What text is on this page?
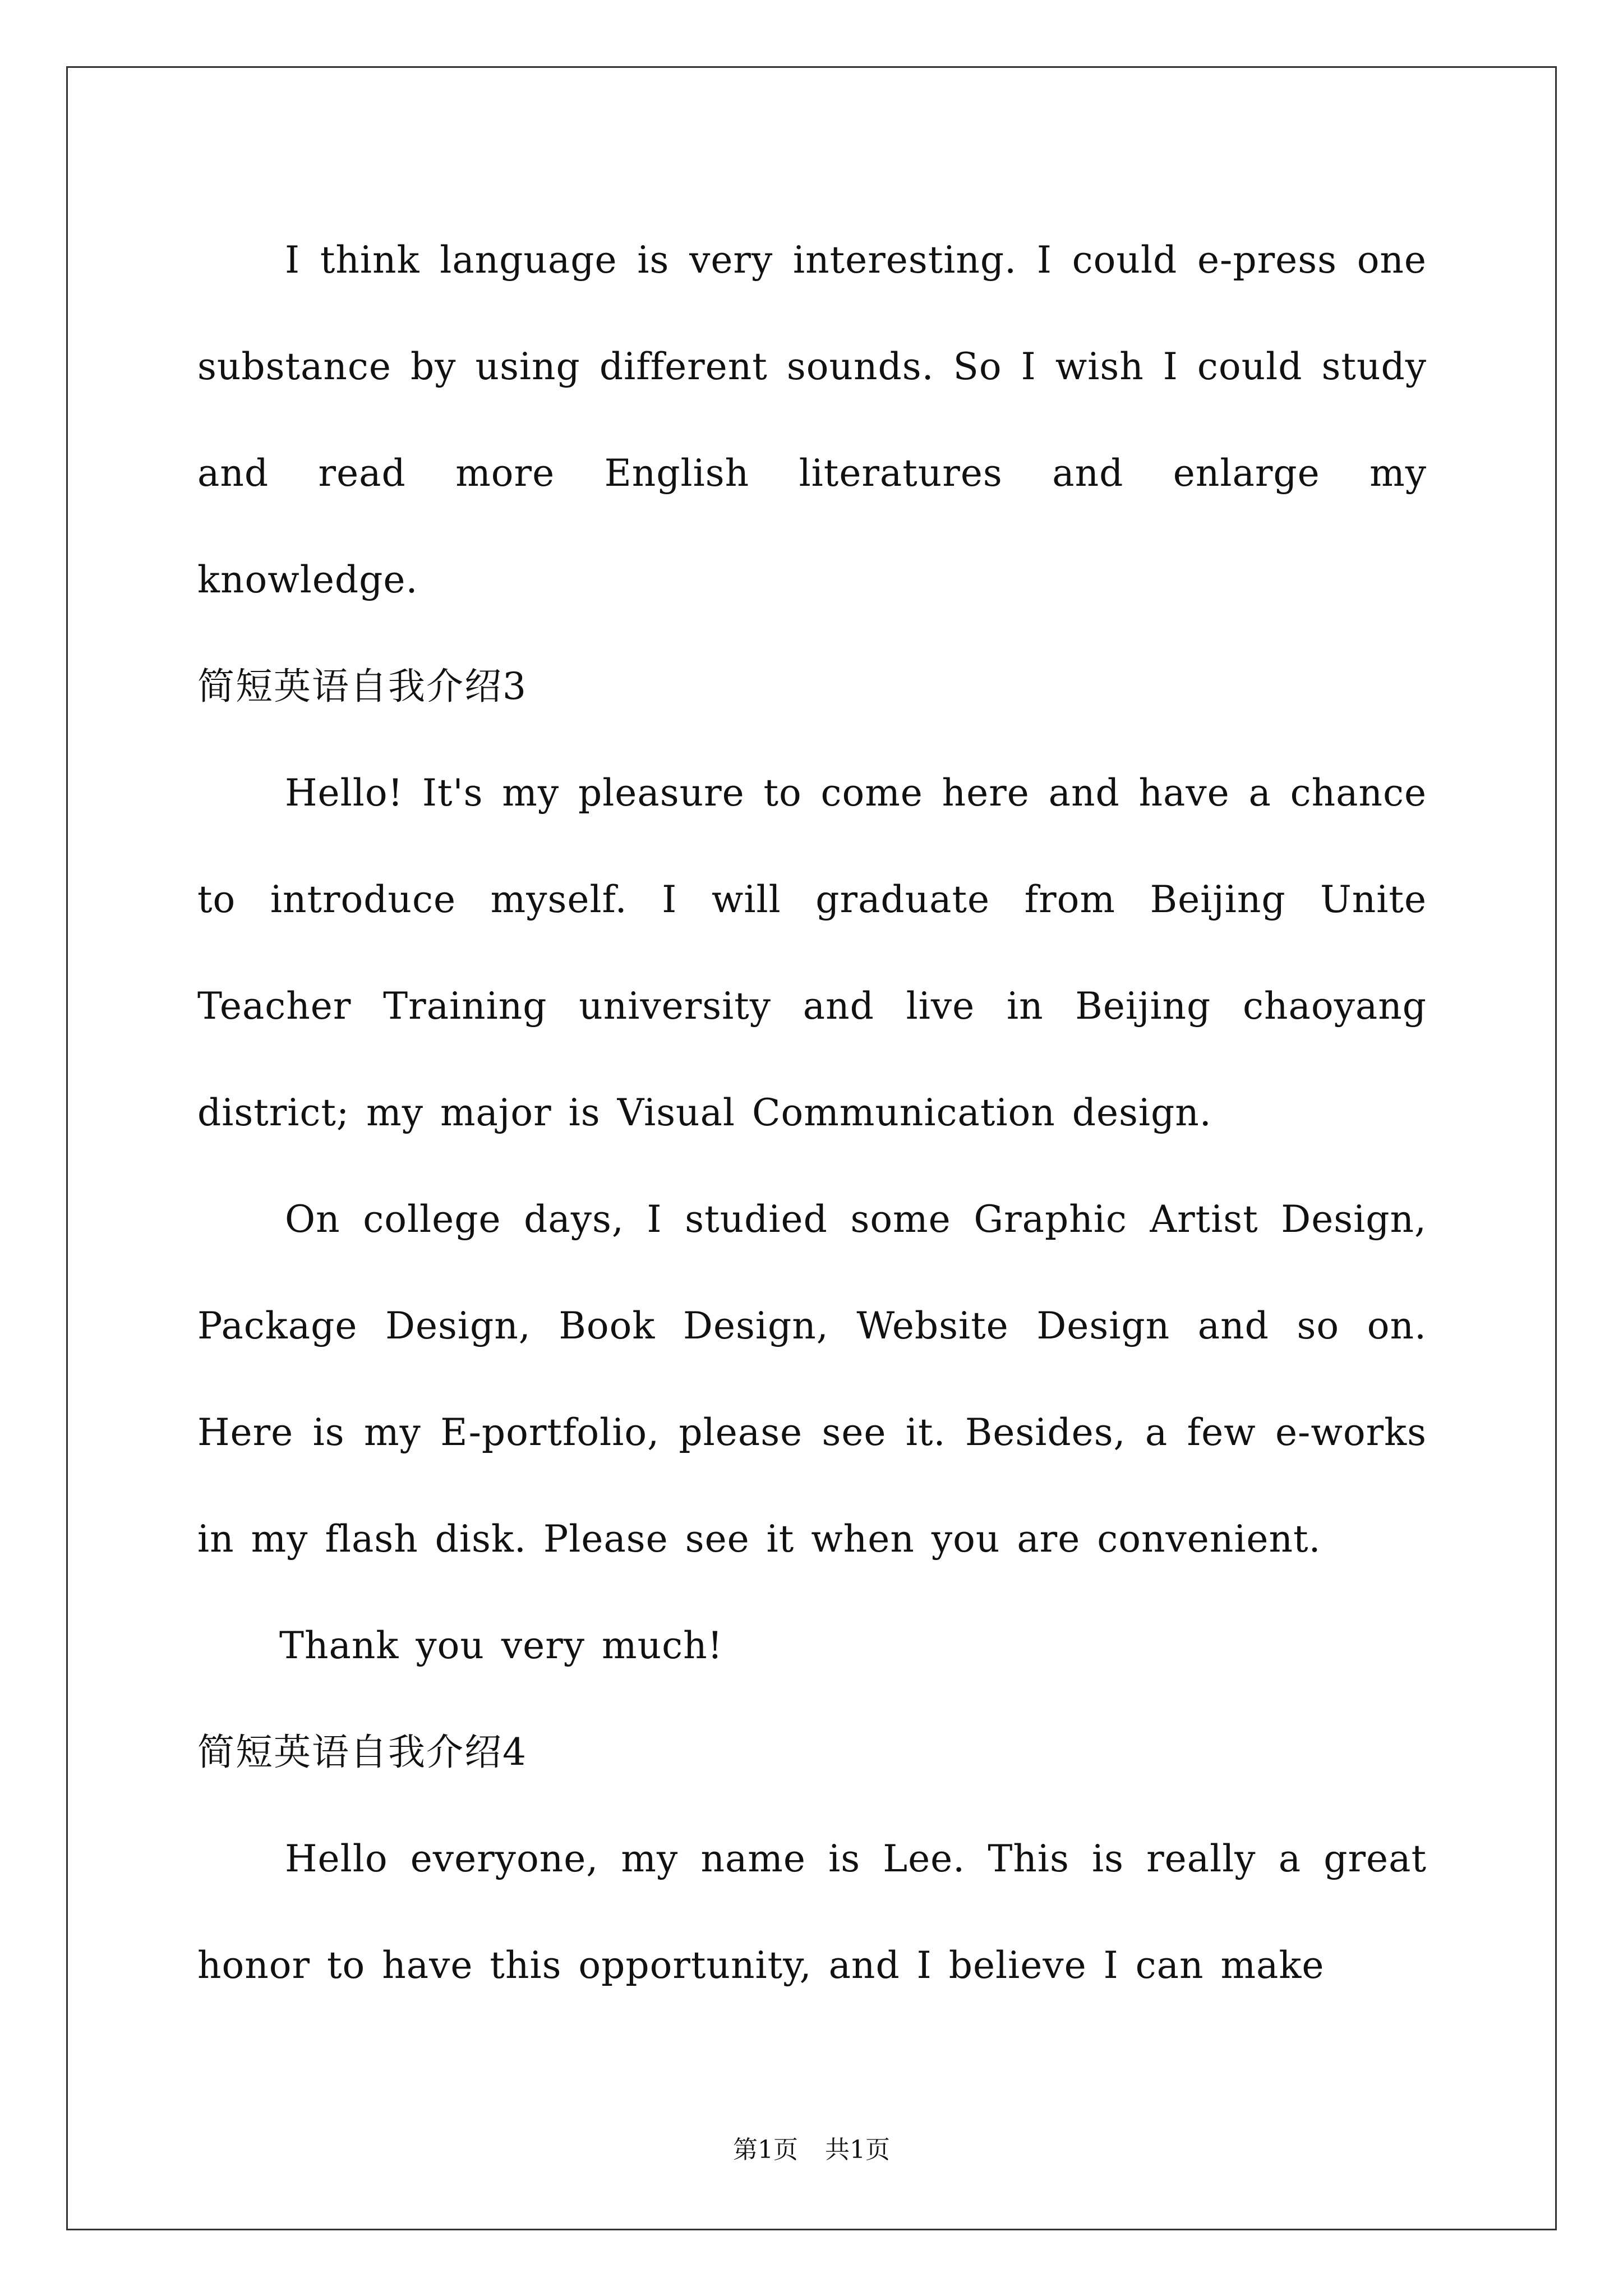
I think language is very interesting. I could e-press one substance by using different sounds. So I wish I could study and read more English literatures and enlarge my knowledge.

简短英语自我介绍3

Hello! It's my pleasure to come here and have a chance to introduce myself. I will graduate from Beijing Unite Teacher Training university and live in Beijing chaoyang district; my major is Visual Communication design.

On college days, I studied some Graphic Artist Design, Package Design, Book Design, Website Design and so on. Here is my E-portfolio, please see it. Besides, a few e-works in my flash disk. Please see it when you are convenient.

Thank you very much!

简短英语自我介绍4

Hello everyone, my name is Lee. This is really a great honor to have this opportunity, and I believe I can make

第1页 共1页
